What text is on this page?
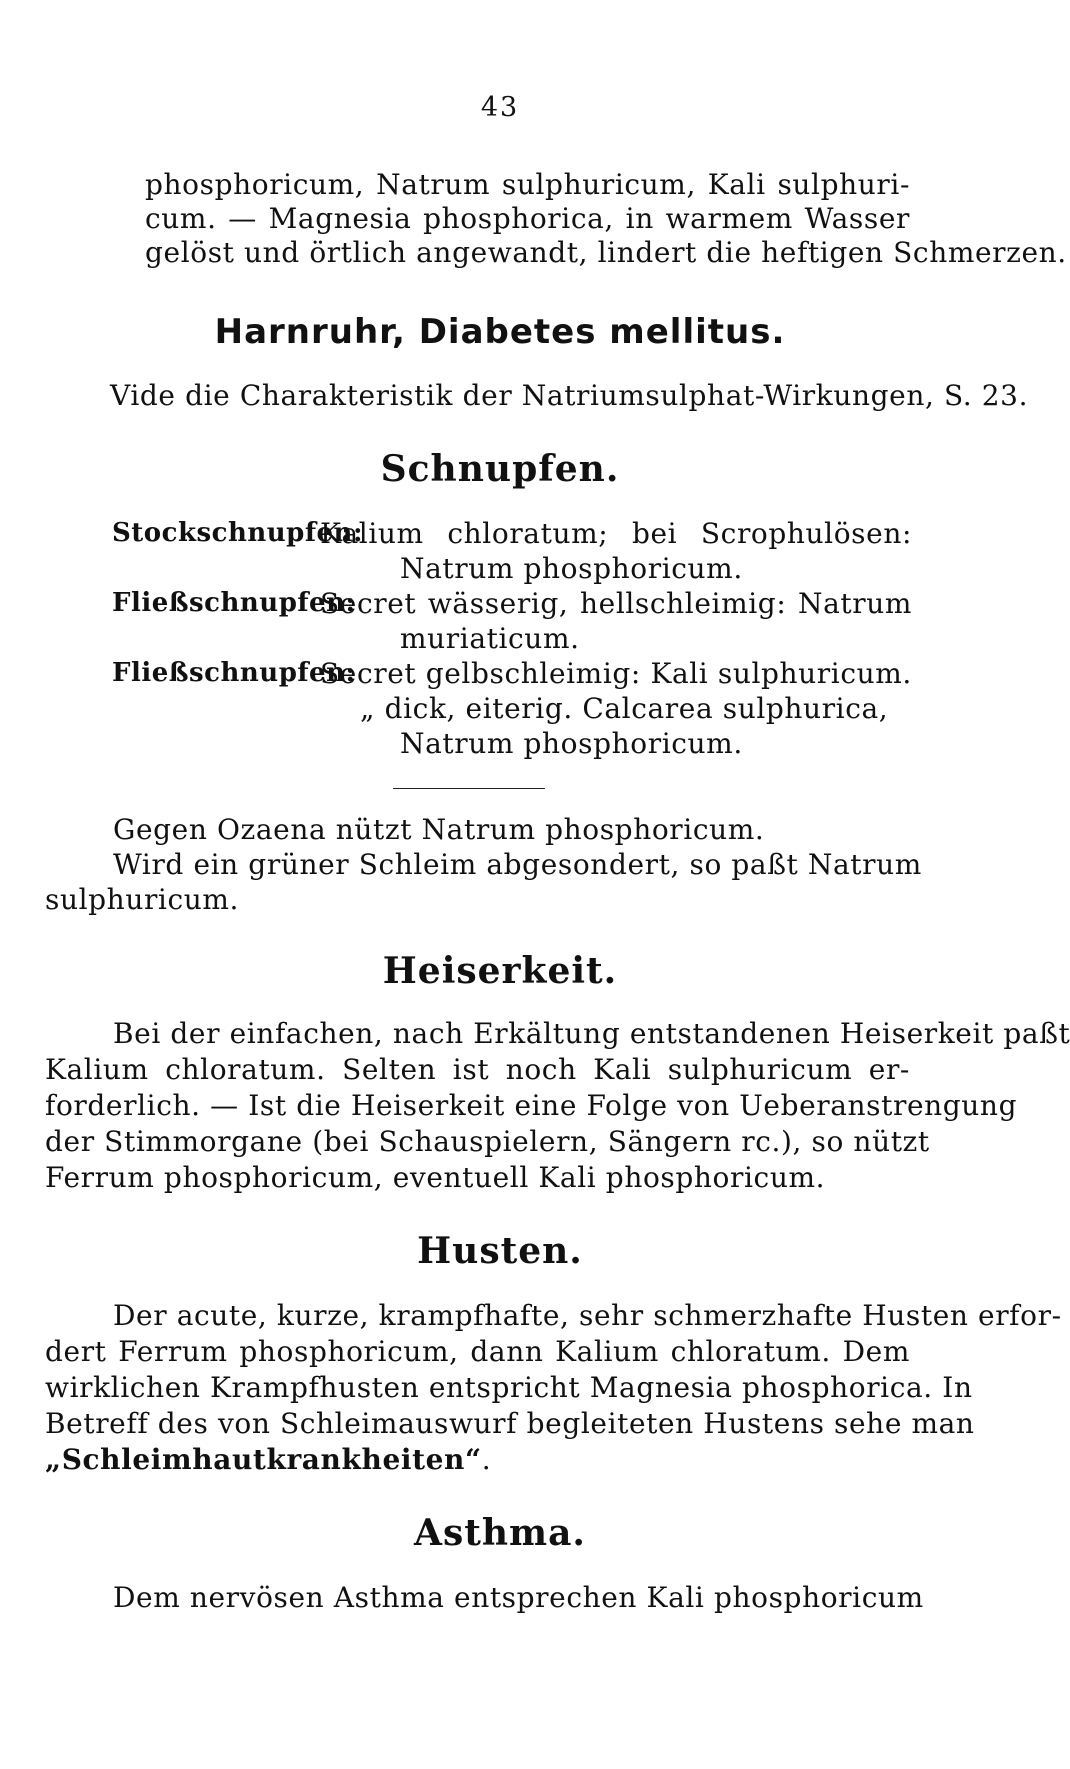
43
phosphoricum, Natrum sulphuricum, Kali sulphuri-
cum. — Magnesia phosphorica, in warmem Wasser
gelöst und örtlich angewandt, lindert die heftigen Schmerzen.
Harnruhr, Diabetes mellitus.
Vide die Charakteristik der Natriumsulphat-Wirkungen, S. 23.
Schnupfen.
Stockschnupfen:
Kalium chloratum; bei Scrophulösen:
Natrum phosphoricum.
Fließschnupfen:
Secret wässerig, hellschleimig: Natrum
muriaticum.
Fließschnupfen:
Secret gelbschleimig: Kali sulphuricum.
„ dick, eiterig. Calcarea sulphurica,
Natrum phosphoricum.
Gegen Ozaena nützt Natrum phosphoricum.
Wird ein grüner Schleim abgesondert, so paßt Natrum
sulphuricum.
Heiserkeit.
Bei der einfachen, nach Erkältung entstandenen Heiserkeit paßt
Kalium chloratum. Selten ist noch Kali sulphuricum er-
forderlich. — Ist die Heiserkeit eine Folge von Ueberanstrengung
der Stimmorgane (bei Schauspielern, Sängern rc.), so nützt
Ferrum phosphoricum, eventuell Kali phosphoricum.
Husten.
Der acute, kurze, krampfhafte, sehr schmerzhafte Husten erfor-
dert Ferrum phosphoricum, dann Kalium chloratum. Dem
wirklichen Krampfhusten entspricht Magnesia phosphorica. In
Betreff des von Schleimauswurf begleiteten Hustens sehe man
„Schleimhautkrankheiten“.
Asthma.
Dem nervösen Asthma entsprechen Kali phosphoricum
